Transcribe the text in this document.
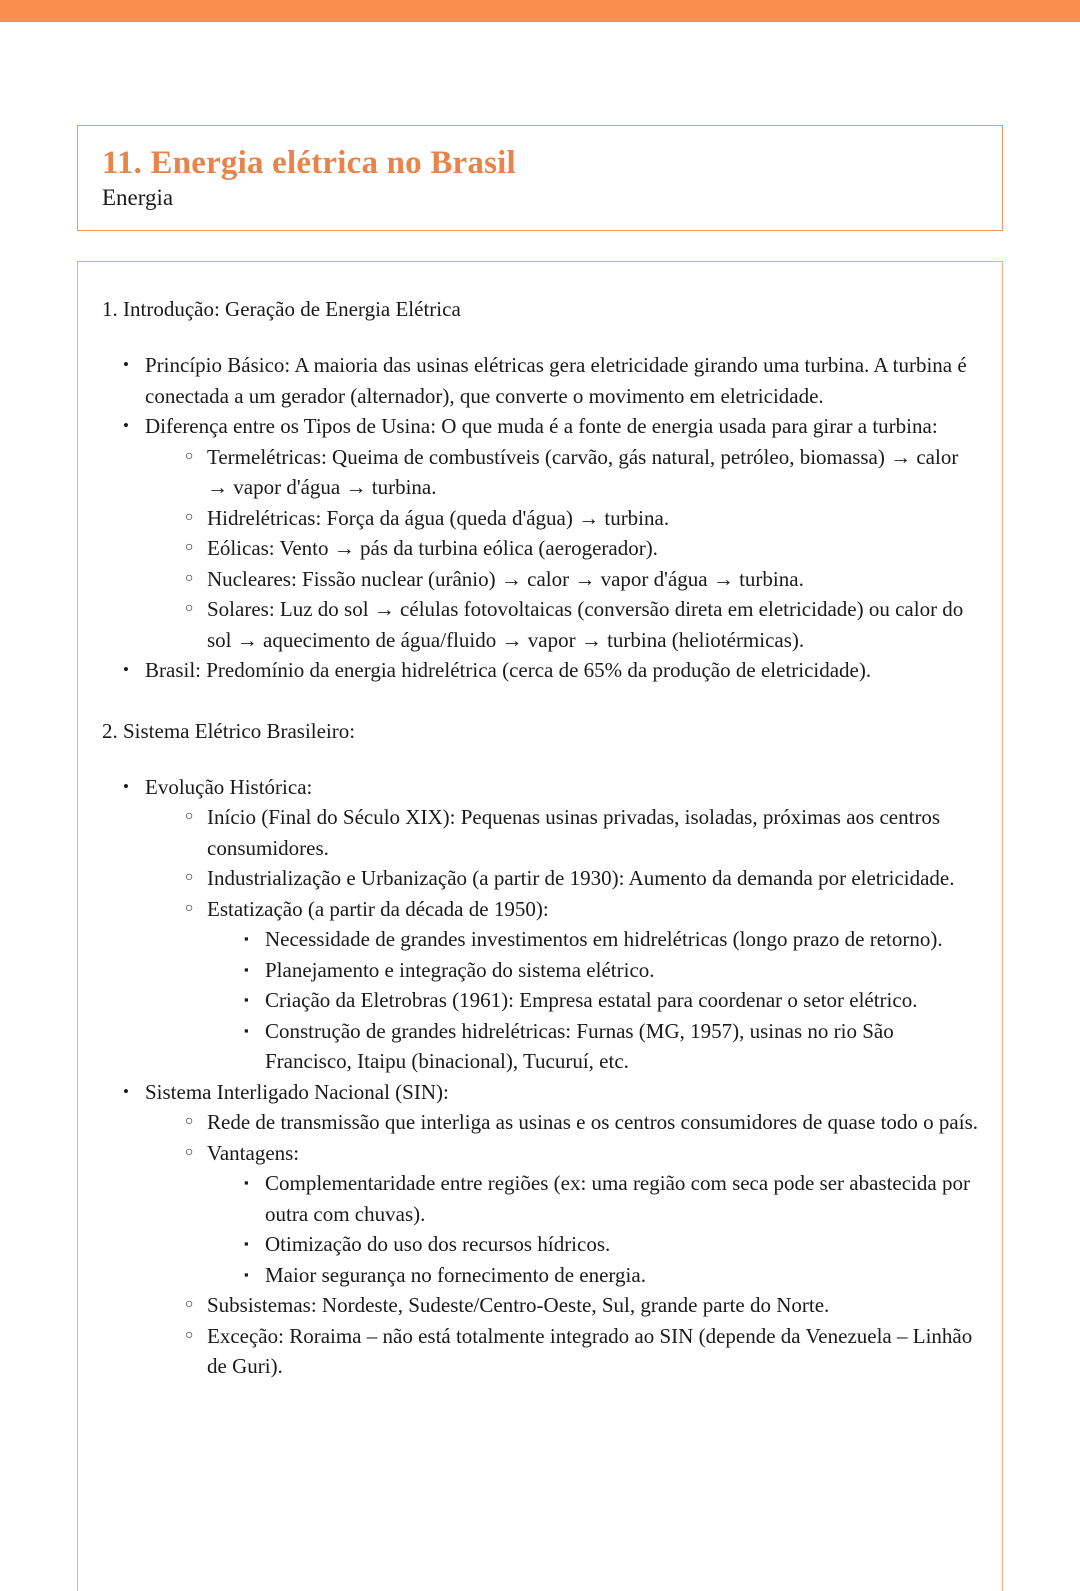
11. Energia elétrica no Brasil
Energia
1. Introdução: Geração de Energia Elétrica
• Princípio Básico: A maioria das usinas elétricas gera eletricidade girando uma turbina. A turbina é conectada a um gerador (alternador), que converte o movimento em eletricidade.
• Diferença entre os Tipos de Usina: O que muda é a fonte de energia usada para girar a turbina:
○ Termelétricas: Queima de combustíveis (carvão, gás natural, petróleo, biomassa) → calor → vapor d'água → turbina.
○ Hidrelétricas: Força da água (queda d'água) → turbina.
○ Eólicas: Vento → pás da turbina eólica (aerogerador).
○ Nucleares: Fissão nuclear (urânio) → calor → vapor d'água → turbina.
○ Solares: Luz do sol → células fotovoltaicas (conversão direta em eletricidade) ou calor do sol → aquecimento de água/fluido → vapor → turbina (heliotérmicas).
• Brasil: Predomínio da energia hidrelétrica (cerca de 65% da produção de eletricidade).
2. Sistema Elétrico Brasileiro:
• Evolução Histórica:
○ Início (Final do Século XIX): Pequenas usinas privadas, isoladas, próximas aos centros consumidores.
○ Industrialização e Urbanização (a partir de 1930): Aumento da demanda por eletricidade.
○ Estatização (a partir da década de 1950):
▪ Necessidade de grandes investimentos em hidrelétricas (longo prazo de retorno).
▪ Planejamento e integração do sistema elétrico.
▪ Criação da Eletrobras (1961): Empresa estatal para coordenar o setor elétrico.
▪ Construção de grandes hidrelétricas: Furnas (MG, 1957), usinas no rio São Francisco, Itaipu (binacional), Tucuruí, etc.
• Sistema Interligado Nacional (SIN):
○ Rede de transmissão que interliga as usinas e os centros consumidores de quase todo o país.
○ Vantagens:
▪ Complementaridade entre regiões (ex: uma região com seca pode ser abastecida por outra com chuvas).
▪ Otimização do uso dos recursos hídricos.
▪ Maior segurança no fornecimento de energia.
○ Subsistemas: Nordeste, Sudeste/Centro-Oeste, Sul, grande parte do Norte.
○ Exceção: Roraima – não está totalmente integrado ao SIN (depende da Venezuela – Linhão de Guri).
